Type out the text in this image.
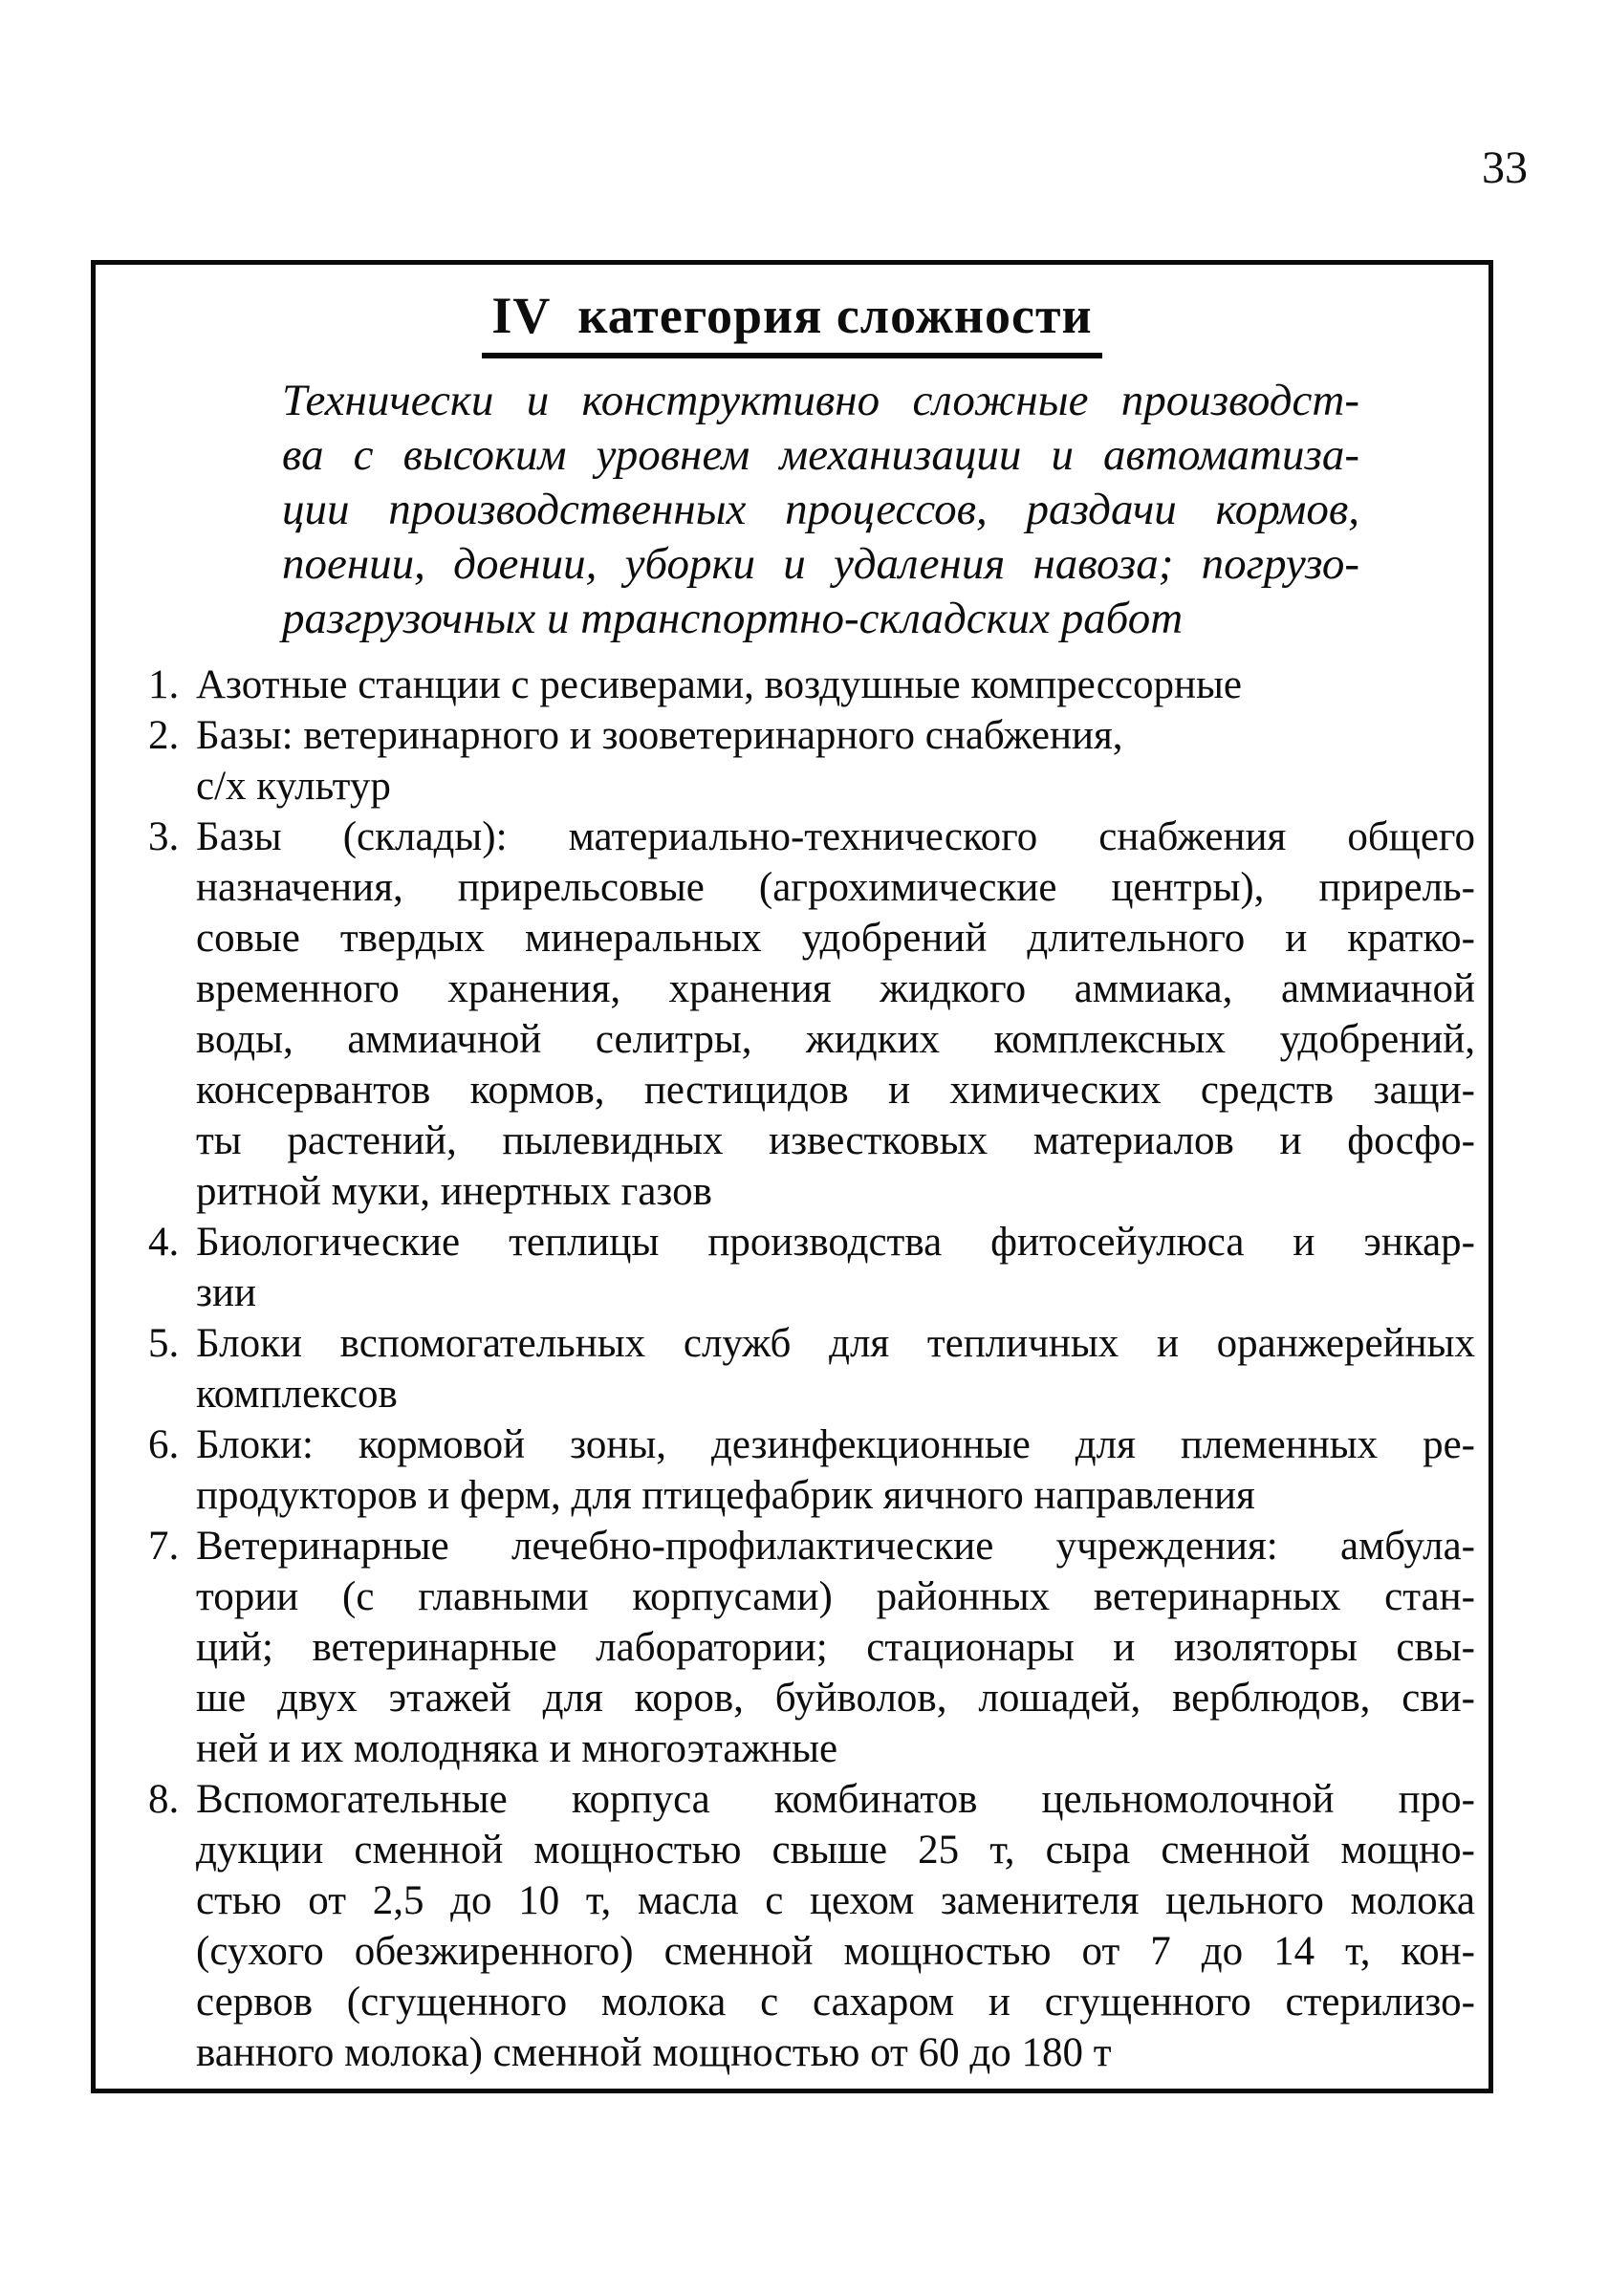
33
IV  категория сложности
Технически и конструктивно сложные производст-
ва с высоким уровнем механизации и автоматиза-
ции производственных процессов, раздачи кормов,
поении, доении, уборки и удаления навоза; погрузо-
разгрузочных и транспортно-складских работ
1. Азотные станции с ресиверами, воздушные компрессорные
2. Базы: ветеринарного и зооветеринарного снабжения,
с/х культур
3. Базы (склады): материально-технического снабжения общего
назначения, прирельсовые (агрохимические центры), прирель-
совые твердых минеральных удобрений длительного и кратко-
временного хранения, хранения жидкого аммиака, аммиачной
воды, аммиачной селитры, жидких комплексных удобрений,
консервантов кормов, пестицидов и химических средств защи-
ты растений, пылевидных известковых материалов и фосфо-
ритной муки, инертных газов
4. Биологические теплицы производства фитосейулюса и энкар-
зии
5. Блоки вспомогательных служб для тепличных и оранжерейных
комплексов
6. Блоки: кормовой зоны, дезинфекционные для племенных ре-
продукторов и ферм, для птицефабрик яичного направления
7. Ветеринарные лечебно-профилактические учреждения: амбула-
тории (с главными корпусами) районных ветеринарных стан-
ций; ветеринарные лаборатории; стационары и изоляторы свы-
ше двух этажей для коров, буйволов, лошадей, верблюдов, сви-
ней и их молодняка и многоэтажные
8. Вспомогательные корпуса комбинатов цельномолочной про-
дукции сменной мощностью свыше 25 т, сыра сменной мощно-
стью от 2,5 до 10 т, масла с цехом заменителя цельного молока
(сухого обезжиренного) сменной мощностью от 7 до 14 т, кон-
сервов (сгущенного молока с сахаром и сгущенного стерилизо-
ванного молока) сменной мощностью от 60 до 180 т
